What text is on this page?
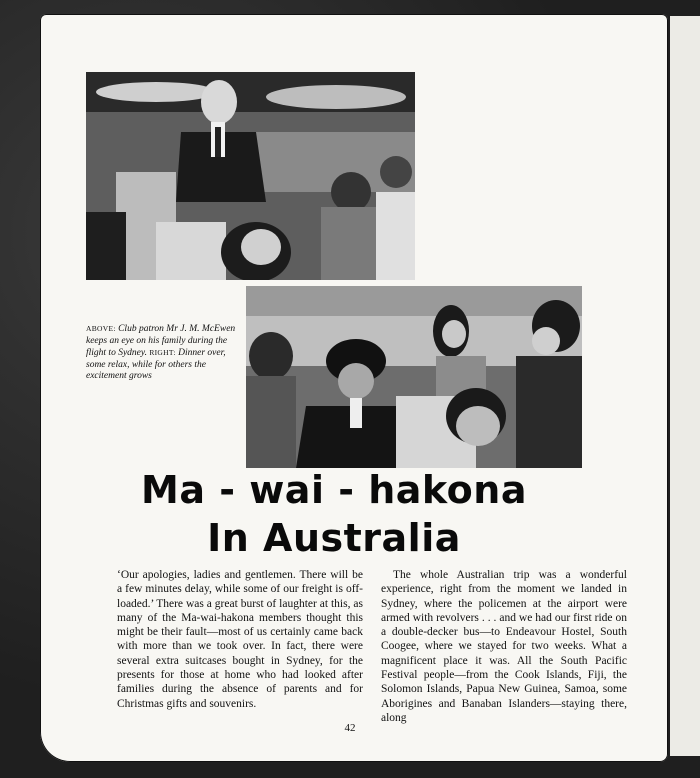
ABOVE: Club patron Mr J. M. McEwen keeps an eye on his family during the flight to Sydney. RIGHT: Dinner over, some relax, while for others the excitement grows
Ma - wai - hakona
In Australia
‘Our apologies, ladies and gentlemen. There will be a few minutes delay, while some of our freight is off-loaded.’ There was a great burst of laughter at this, as many of the Ma-wai-hakona members thought this might be their fault—most of us certainly came back with more than we took over. In fact, there were several extra suitcases bought in Sydney, for the presents for those at home who had looked after families during the absence of parents and for Christmas gifts and souvenirs.
The whole Australian trip was a wonderful experience, right from the moment we landed in Sydney, where the policemen at the airport were armed with revolvers . . . and we had our first ride on a double-decker bus—to Endeavour Hostel, South Coogee, where we stayed for two weeks. What a magnificent place it was. All the South Pacific Festival people—from the Cook Islands, Fiji, the Solomon Islands, Papua New Guinea, Samoa, some Aborigines and Banaban Islanders—staying there, along
42
